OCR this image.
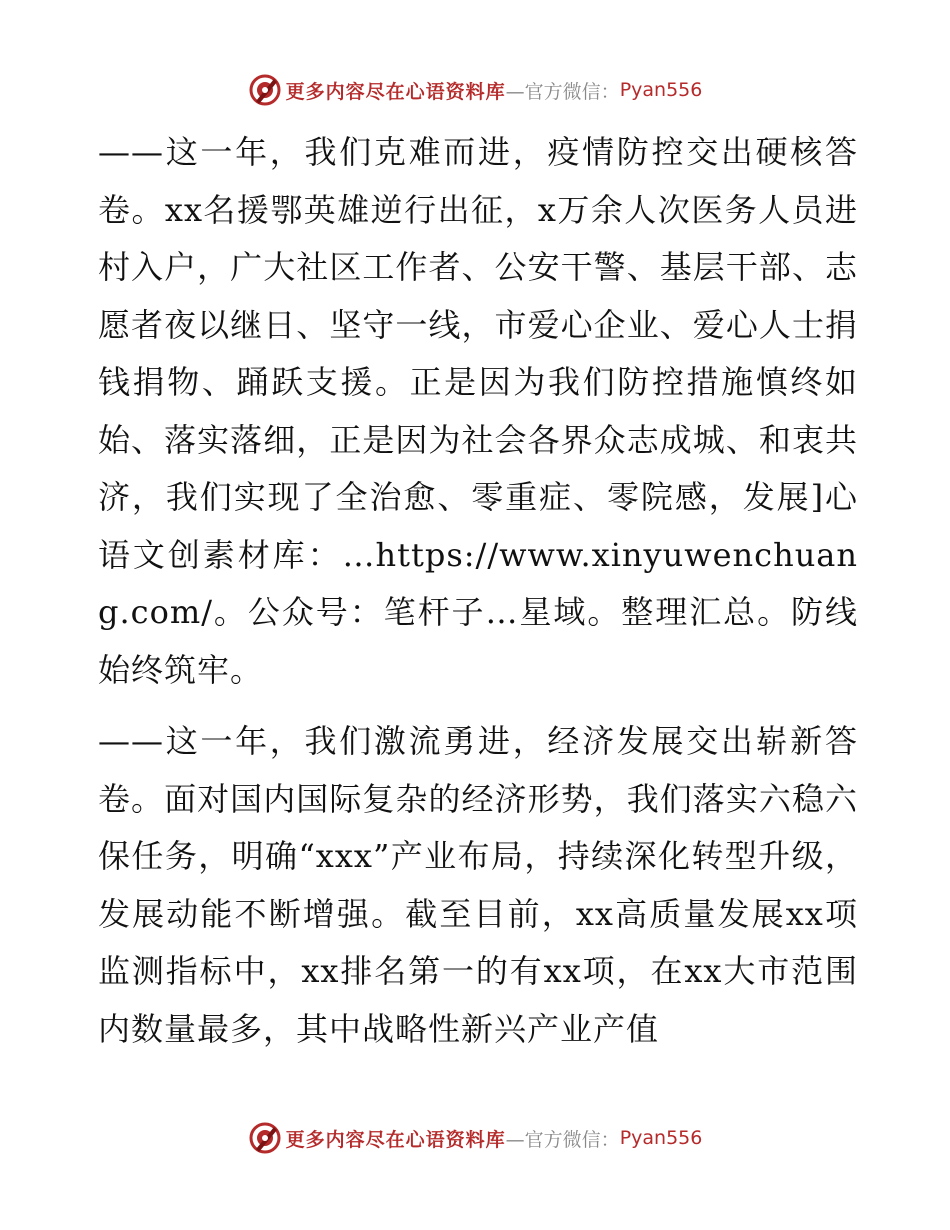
更多内容尽在心语资料库 —官方微信： Pyan556

——这一年，我们克难而进，疫情防控交出硬核答卷。xx名援鄂英雄逆行出征，x万余人次医务人员进村入户，广大社区工作者、公安干警、基层干部、志愿者夜以继日、坚守一线，市爱心企业、爱心人士捐钱捐物、踊跃支援。正是因为我们防控措施慎终如始、落实落细，正是因为社会各界众志成城、和衷共济，我们实现了全治愈、零重症、零院感，发展]心语文创素材库：…https://www.xinyuwenchuang.com/。公众号：笔杆子…星域。整理汇总。防线始终筑牢。

——这一年，我们激流勇进，经济发展交出崭新答卷。面对国内国际复杂的经济形势，我们落实六稳六保任务，明确“xxx”产业布局，持续深化转型升级，发展动能不断增强。截至目前，xx高质量发展xx项监测指标中，xx排名第一的有xx项，在xx大市范围内数量最多，其中战略性新兴产业产值

更多内容尽在心语资料库 —官方微信： Pyan556
